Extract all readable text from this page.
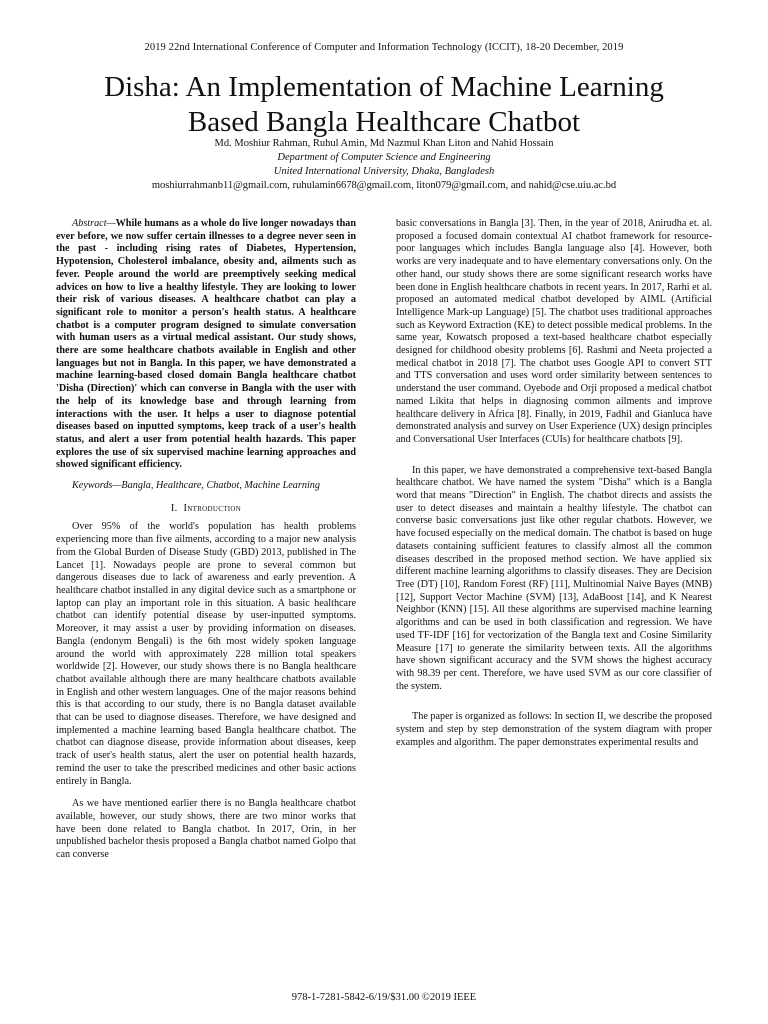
2019 22nd International Conference of Computer and Information Technology (ICCIT), 18-20 December, 2019
Disha: An Implementation of Machine Learning
Based Bangla Healthcare Chatbot
Md. Moshiur Rahman, Ruhul Amin, Md Nazmul Khan Liton and Nahid Hossain
Department of Computer Science and Engineering
United International University, Dhaka, Bangladesh
moshiurrahmanb11@gmail.com, ruhulamin6678@gmail.com, liton079@gmail.com, and nahid@cse.uiu.ac.bd

Abstract—While humans as a whole do live longer nowadays than ever before, we now suffer certain illnesses to a degree never seen in the past - including rising rates of Diabetes, Hypertension, Hypotension, Cholesterol imbalance, obesity and, ailments such as fever. People around the world are preemptively seeking medical advices on how to live a healthy lifestyle. They are looking to lower their risk of various diseases. A healthcare chatbot can play a significant role to monitor a person's health status. A healthcare chatbot is a computer program designed to simulate conversation with human users as a virtual medical assistant. Our study shows, there are some healthcare chatbots available in English and other languages but not in Bangla. In this paper, we have demonstrated a machine learning-based closed domain Bangla healthcare chatbot 'Disha (Direction)' which can converse in Bangla with the user with the help of its knowledge base and through learning from interactions with the user. It helps a user to diagnose potential diseases based on inputted symptoms, keep track of a user's health status, and alert a user from potential health hazards. This paper explores the use of six supervised machine learning approaches and showed significant efficiency.

Keywords—Bangla, Healthcare, Chatbot, Machine Learning

I. Introduction

Over 95% of the world's population has health problems experiencing more than five ailments, according to a major new analysis from the Global Burden of Disease Study (GBD) 2013, published in The Lancet [1]. Nowadays people are prone to several common but dangerous diseases due to lack of awareness and early prevention. A healthcare chatbot installed in any digital device such as a smartphone or laptop can play an important role in this situation. A basic healthcare chatbot can identify potential disease by user-inputted symptoms. Moreover, it may assist a user by providing information on diseases. Bangla (endonym Bengali) is the 6th most widely spoken language around the world with approximately 228 million total speakers worldwide [2]. However, our study shows there is no Bangla healthcare chatbot available although there are many healthcare chatbots available in English and other western languages. One of the major reasons behind this is that according to our study, there is no Bangla dataset available that can be used to diagnose diseases. Therefore, we have designed and implemented a machine learning based Bangla healthcare chatbot. The chatbot can diagnose disease, provide information about diseases, keep track of user's health status, alert the user on potential health hazards, remind the user to take the prescribed medicines and other basic actions entirely in Bangla.

As we have mentioned earlier there is no Bangla healthcare chatbot available, however, our study shows, there are two minor works that have been done related to Bangla chatbot. In 2017, Orin, in her unpublished bachelor thesis proposed a Bangla chatbot named Golpo that can converse

basic conversations in Bangla [3]. Then, in the year of 2018, Anirudha et. al. proposed a focused domain contextual AI chatbot framework for resource-poor languages which includes Bangla language also [4]. However, both works are very inadequate and to have elementary conversations only. On the other hand, our study shows there are some significant research works have been done in English healthcare chatbots in recent years. In 2017, Rarhi et al. proposed an automated medical chatbot developed by AIML (Artificial Intelligence Mark-up Language) [5]. The chatbot uses traditional approaches such as Keyword Extraction (KE) to detect possible medical problems. In the same year, Kowatsch proposed a text-based healthcare chatbot especially designed for childhood obesity problems [6]. Rashmi and Neeta projected a medical chatbot in 2018 [7]. The chatbot uses Google API to convert STT and TTS conversation and uses word order similarity between sentences to understand the user command. Oyebode and Orji proposed a medical chatbot named Likita that helps in diagnosing common ailments and improve healthcare delivery in Africa [8]. Finally, in 2019, Fadhil and Gianluca have demonstrated analysis and survey on User Experience (UX) design principles and Conversational User Interfaces (CUIs) for healthcare chatbots [9].

In this paper, we have demonstrated a comprehensive text-based Bangla healthcare chatbot. We have named the system "Disha" which is a Bangla word that means "Direction" in English. The chatbot directs and assists the user to detect diseases and maintain a healthy lifestyle. The chatbot can converse basic conversations just like other regular chatbots. However, we have focused especially on the medical domain. The chatbot is based on huge datasets containing sufficient features to classify almost all the common diseases described in the proposed method section. We have applied six different machine learning algorithms to classify diseases. They are Decision Tree (DT) [10], Random Forest (RF) [11], Multinomial Naive Bayes (MNB) [12], Support Vector Machine (SVM) [13], AdaBoost [14], and K Nearest Neighbor (KNN) [15]. All these algorithms are supervised machine learning algorithms and can be used in both classification and regression. We have used TF-IDF [16] for vectorization of the Bangla text and Cosine Similarity Measure [17] to generate the similarity between texts. All the algorithms have shown significant accuracy and the SVM shows the highest accuracy with 98.39 per cent. Therefore, we have used SVM as our core classifier of the system.

The paper is organized as follows: In section II, we describe the proposed system and step by step demonstration of the system diagram with proper examples and algorithm. The paper demonstrates experimental results and

978-1-7281-5842-6/19/$31.00 ©2019 IEEE
